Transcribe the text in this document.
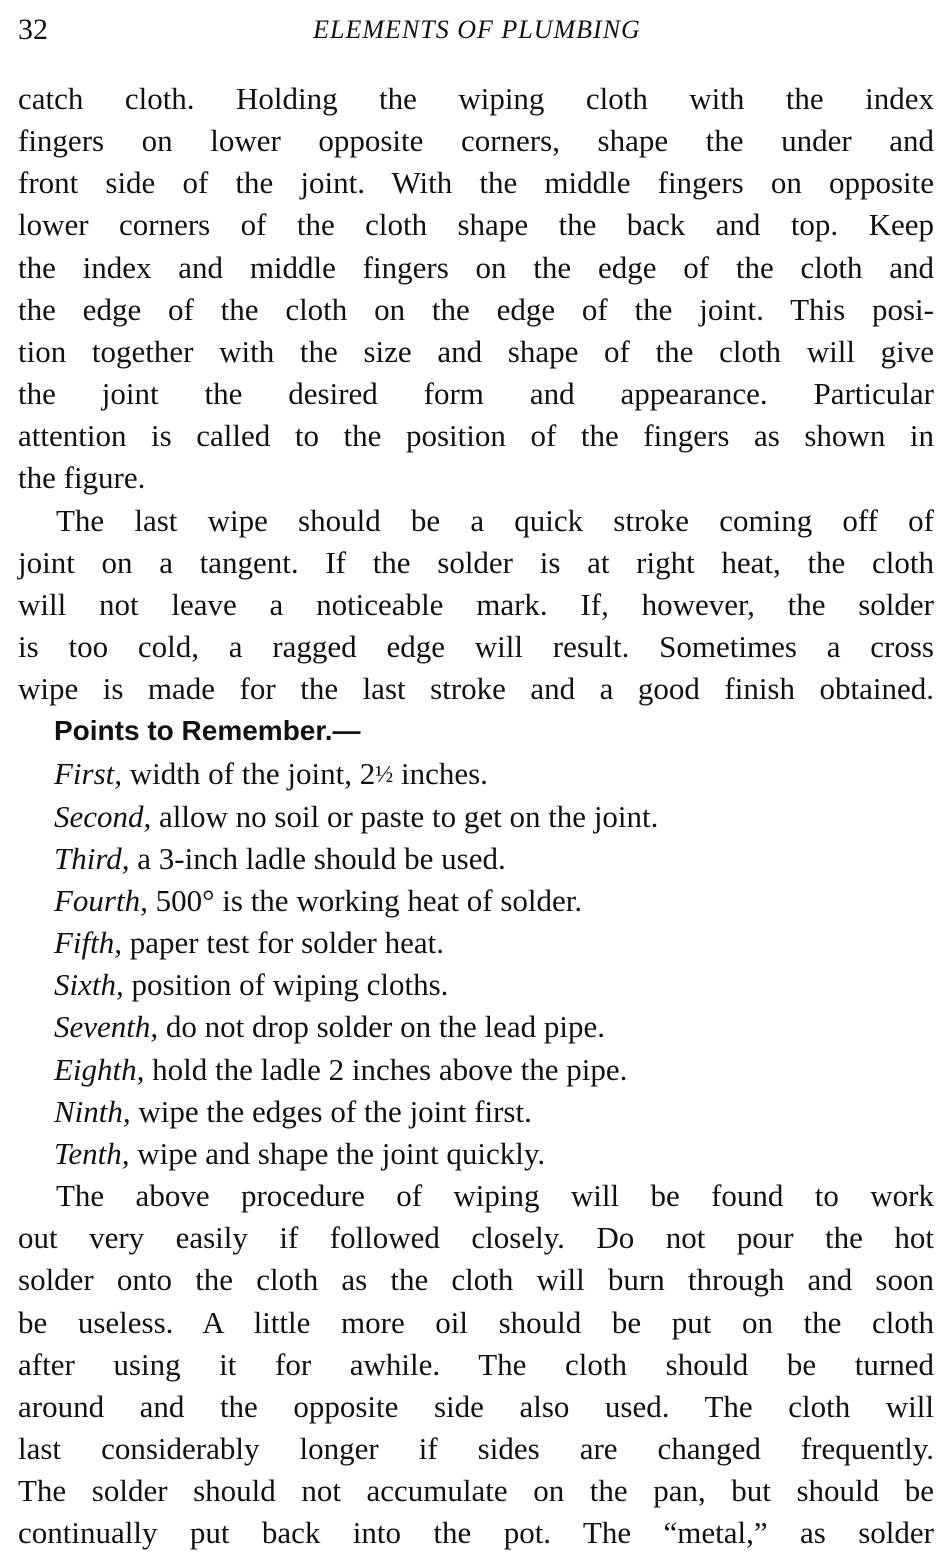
32	ELEMENTS OF PLUMBING
catch cloth. Holding the wiping cloth with the index
fingers on lower opposite corners, shape the under and
front side of the joint. With the middle fingers on opposite
lower corners of the cloth shape the back and top. Keep
the index and middle fingers on the edge of the cloth and
the edge of the cloth on the edge of the joint. This posi-
tion together with the size and shape of the cloth will give
the joint the desired form and appearance. Particular
attention is called to the position of the fingers as shown in
the figure.
The last wipe should be a quick stroke coming off of
joint on a tangent. If the solder is at right heat, the cloth
will not leave a noticeable mark. If, however, the solder
is too cold, a ragged edge will result. Sometimes a cross
wipe is made for the last stroke and a good finish obtained.
Points to Remember.—
First, width of the joint, 2½ inches.
Second, allow no soil or paste to get on the joint.
Third, a 3-inch ladle should be used.
Fourth, 500° is the working heat of solder.
Fifth, paper test for solder heat.
Sixth, position of wiping cloths.
Seventh, do not drop solder on the lead pipe.
Eighth, hold the ladle 2 inches above the pipe.
Ninth, wipe the edges of the joint first.
Tenth, wipe and shape the joint quickly.
The above procedure of wiping will be found to work
out very easily if followed closely. Do not pour the hot
solder onto the cloth as the cloth will burn through and soon
be useless. A little more oil should be put on the cloth
after using it for awhile. The cloth should be turned
around and the opposite side also used. The cloth will
last considerably longer if sides are changed frequently.
The solder should not accumulate on the pan, but should be
continually put back into the pot. The “metal,” as solder
